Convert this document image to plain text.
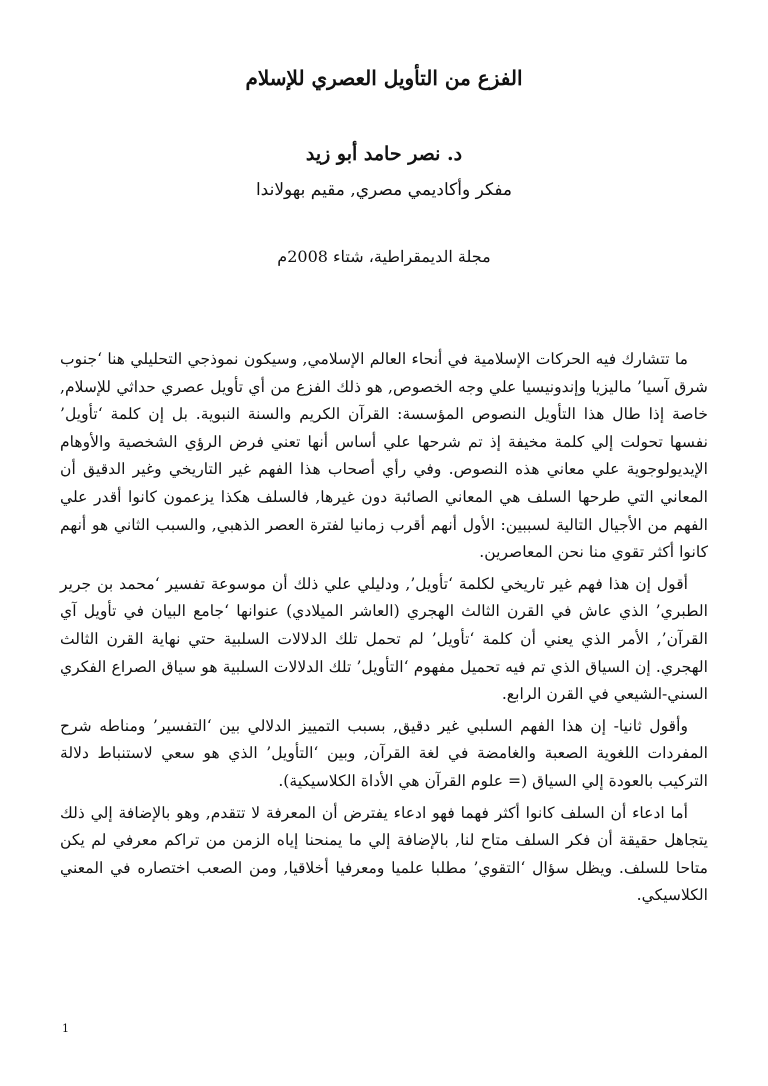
الفزع من التأويل العصري للإسلام
د. نصر حامد أبو زيد
مفكر وأكاديمي مصري, مقيم بهولاندا
مجلة الديمقراطية، شتاء 2008م

ما تتشارك فيه الحركات الإسلامية في أنحاء العالم الإسلامي, وسيكون نموذجي التحليلي هنا ‘جنوب شرق آسيا’ ماليزيا وإندونيسيا علي وجه الخصوص, هو ذلك الفزع من أي تأويل عصري حداثي للإسلام, خاصة إذا طال هذا التأويل النصوص المؤسسة: القرآن الكريم والسنة النبوية. بل إن كلمة ‘تأويل’ نفسها تحولت إلي كلمة مخيفة إذ تم شرحها علي أساس أنها تعني فرض الرؤي الشخصية والأوهام الإيديولوجوية علي معاني هذه النصوص. وفي رأي أصحاب هذا الفهم غير التاريخي وغير الدقيق أن المعاني التي طرحها السلف هي المعاني الصائبة دون غيرها, فالسلف هكذا يزعمون كانوا أقدر علي الفهم من الأجيال التالية لسببين: الأول أنهم أقرب زمانيا لفترة العصر الذهبي, والسبب الثاني هو أنهم كانوا أكثر تقوي منا نحن المعاصرين.

أقول إن هذا فهم غير تاريخي لكلمة ‘تأويل’, ودليلي علي ذلك أن موسوعة تفسير ‘محمد بن جرير الطبري’ الذي عاش في القرن الثالث الهجري (العاشر الميلادي) عنوانها ‘جامع البيان في تأويل آي القرآن’, الأمر الذي يعني أن كلمة ‘تأويل’ لم تحمل تلك الدلالات السلبية حتي نهاية القرن الثالث الهجري. إن السياق الذي تم فيه تحميل مفهوم ‘التأويل’ تلك الدلالات السلبية هو سياق الصراع الفكري السني-الشيعي في القرن الرابع.

وأقول ثانيا- إن هذا الفهم السلبي غير دقيق, بسبب التمييز الدلالي بين ‘التفسير’ ومناطه شرح المفردات اللغوية الصعبة والغامضة في لغة القرآن, وبين ‘التأويل’ الذي هو سعي لاستنباط دلالة التركيب بالعودة إلي السياق (= علوم القرآن هي الأداة الكلاسيكية).

أما ادعاء أن السلف كانوا أكثر فهما فهو ادعاء يفترض أن المعرفة لا تتقدم, وهو بالإضافة إلي ذلك يتجاهل حقيقة أن فكر السلف متاح لنا, بالإضافة إلي ما يمنحنا إياه الزمن من تراكم معرفي لم يكن متاحا للسلف. ويظل سؤال ‘التقوي’ مطلبا علميا ومعرفيا أخلاقيا, ومن الصعب اختصاره في المعني الكلاسيكي.

1
